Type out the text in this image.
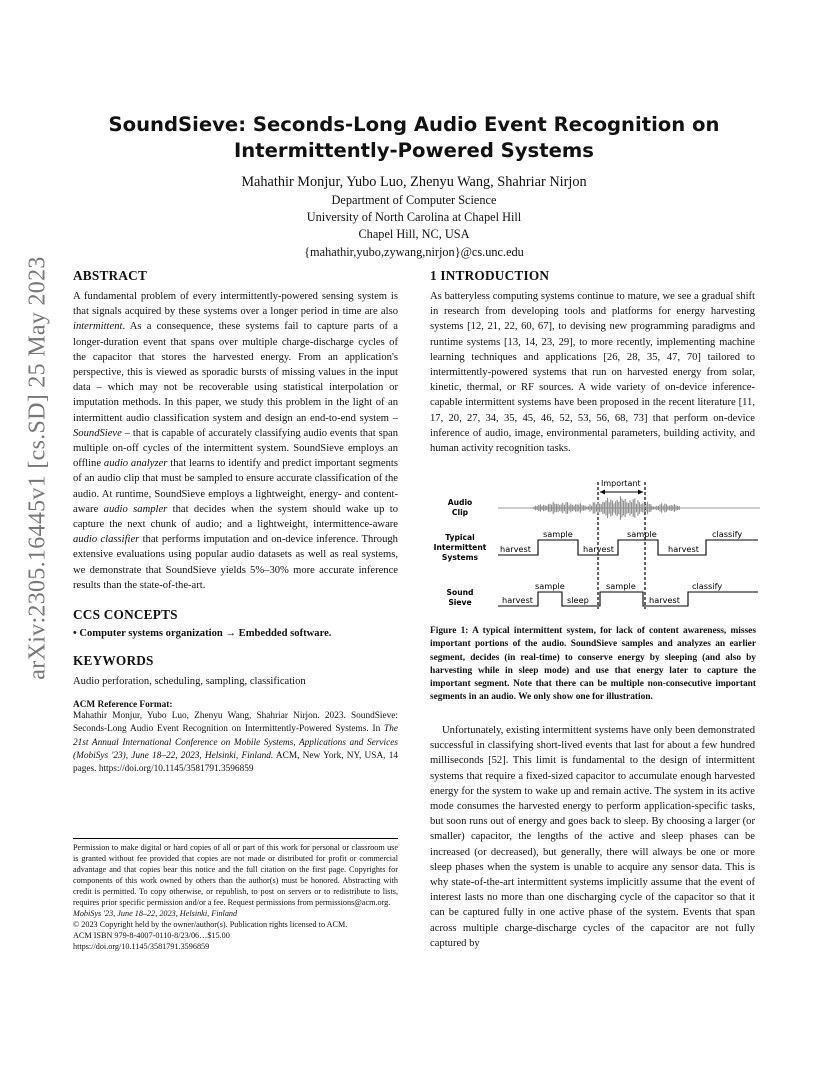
arXiv:2305.16445v1 [cs.SD] 25 May 2023
SoundSieve: Seconds-Long Audio Event Recognition on
Intermittently-Powered Systems
Mahathir Monjur, Yubo Luo, Zhenyu Wang, Shahriar Nirjon
Department of Computer Science
University of North Carolina at Chapel Hill
Chapel Hill, NC, USA
{mahathir,yubo,zywang,nirjon}@cs.unc.edu
ABSTRACT

A fundamental problem of every intermittently-powered sensing system is that signals acquired by these systems over a longer period in time are also intermittent. As a consequence, these systems fail to capture parts of a longer-duration event that spans over multiple charge-discharge cycles of the capacitor that stores the harvested energy. From an application's perspective, this is viewed as sporadic bursts of missing values in the input data – which may not be recoverable using statistical interpolation or imputation methods. In this paper, we study this problem in the light of an intermittent audio classification system and design an end-to-end system – SoundSieve – that is capable of accurately classifying audio events that span multiple on-off cycles of the intermittent system. SoundSieve employs an offline audio analyzer that learns to identify and predict important segments of an audio clip that must be sampled to ensure accurate classification of the audio. At runtime, SoundSieve employs a lightweight, energy- and content-aware audio sampler that decides when the system should wake up to capture the next chunk of audio; and a lightweight, intermittence-aware audio classifier that performs imputation and on-device inference. Through extensive evaluations using popular audio datasets as well as real systems, we demonstrate that SoundSieve yields 5%–30% more accurate inference results than the state-of-the-art.

CCS CONCEPTS

• Computer systems organization → Embedded software.

KEYWORDS

Audio perforation, scheduling, sampling, classification

ACM Reference Format:

Mahathir Monjur, Yubo Luo, Zhenyu Wang, Shahriar Nirjon. 2023. SoundSieve: Seconds-Long Audio Event Recognition on Intermittently-Powered Systems. In The 21st Annual International Conference on Mobile Systems, Applications and Services (MobiSys '23), June 18–22, 2023, Helsinki, Finland. ACM, New York, NY, USA, 14 pages. https://doi.org/10.1145/3581791.3596859

Permission to make digital or hard copies of all or part of this work for personal or classroom use is granted without fee provided that copies are not made or distributed for profit or commercial advantage and that copies bear this notice and the full citation on the first page. Copyrights for components of this work owned by others than the author(s) must be honored. Abstracting with credit is permitted. To copy otherwise, or republish, to post on servers or to redistribute to lists, requires prior specific permission and/or a fee. Request permissions from permissions@acm.org.

MobiSys '23, June 18–22, 2023, Helsinki, Finland

© 2023 Copyright held by the owner/author(s). Publication rights licensed to ACM.

ACM ISBN 979-8-4007-0110-8/23/06…$15.00

https://doi.org/10.1145/3581791.3596859

1 INTRODUCTION

As batteryless computing systems continue to mature, we see a gradual shift in research from developing tools and platforms for energy harvesting systems [12, 21, 22, 60, 67], to devising new programming paradigms and runtime systems [13, 14, 23, 29], to more recently, implementing machine learning techniques and applications [26, 28, 35, 47, 70] tailored to intermittently-powered systems that run on harvested energy from solar, kinetic, thermal, or RF sources. A wide variety of on-device inference-capable intermittent systems have been proposed in the recent literature [11, 17, 20, 27, 34, 35, 45, 46, 52, 53, 56, 68, 73] that perform on-device inference of audio, image, environmental parameters, building activity, and human activity recognition tasks.

Important
Audio
Clip
Typical
Intermittent
Systems
harvest
sample
harvest
sample
harvest
classify
Sound
Sieve	harvest
sample
sleep
sample
harvest
classify

Figure 1: A typical intermittent system, for lack of content awareness, misses important portions of the audio. SoundSieve samples and analyzes an earlier segment, decides (in real-time) to conserve energy by sleeping (and also by harvesting while in sleep mode) and use that energy later to capture the important segment. Note that there can be multiple non-consecutive important segments in an audio. We only show one for illustration.

Unfortunately, existing intermittent systems have only been demonstrated successful in classifying short-lived events that last for about a few hundred milliseconds [52]. This limit is fundamental to the design of intermittent systems that require a fixed-sized capacitor to accumulate enough harvested energy for the system to wake up and remain active. The system in its active mode consumes the harvested energy to perform application-specific tasks, but soon runs out of energy and goes back to sleep. By choosing a larger (or smaller) capacitor, the lengths of the active and sleep phases can be increased (or decreased), but generally, there will always be one or more sleep phases when the system is unable to acquire any sensor data. This is why state-of-the-art intermittent systems implicitly assume that the event of interest lasts no more than one discharging cycle of the capacitor so that it can be captured fully in one active phase of the system. Events that span across multiple charge-discharge cycles of the capacitor are not fully captured by
